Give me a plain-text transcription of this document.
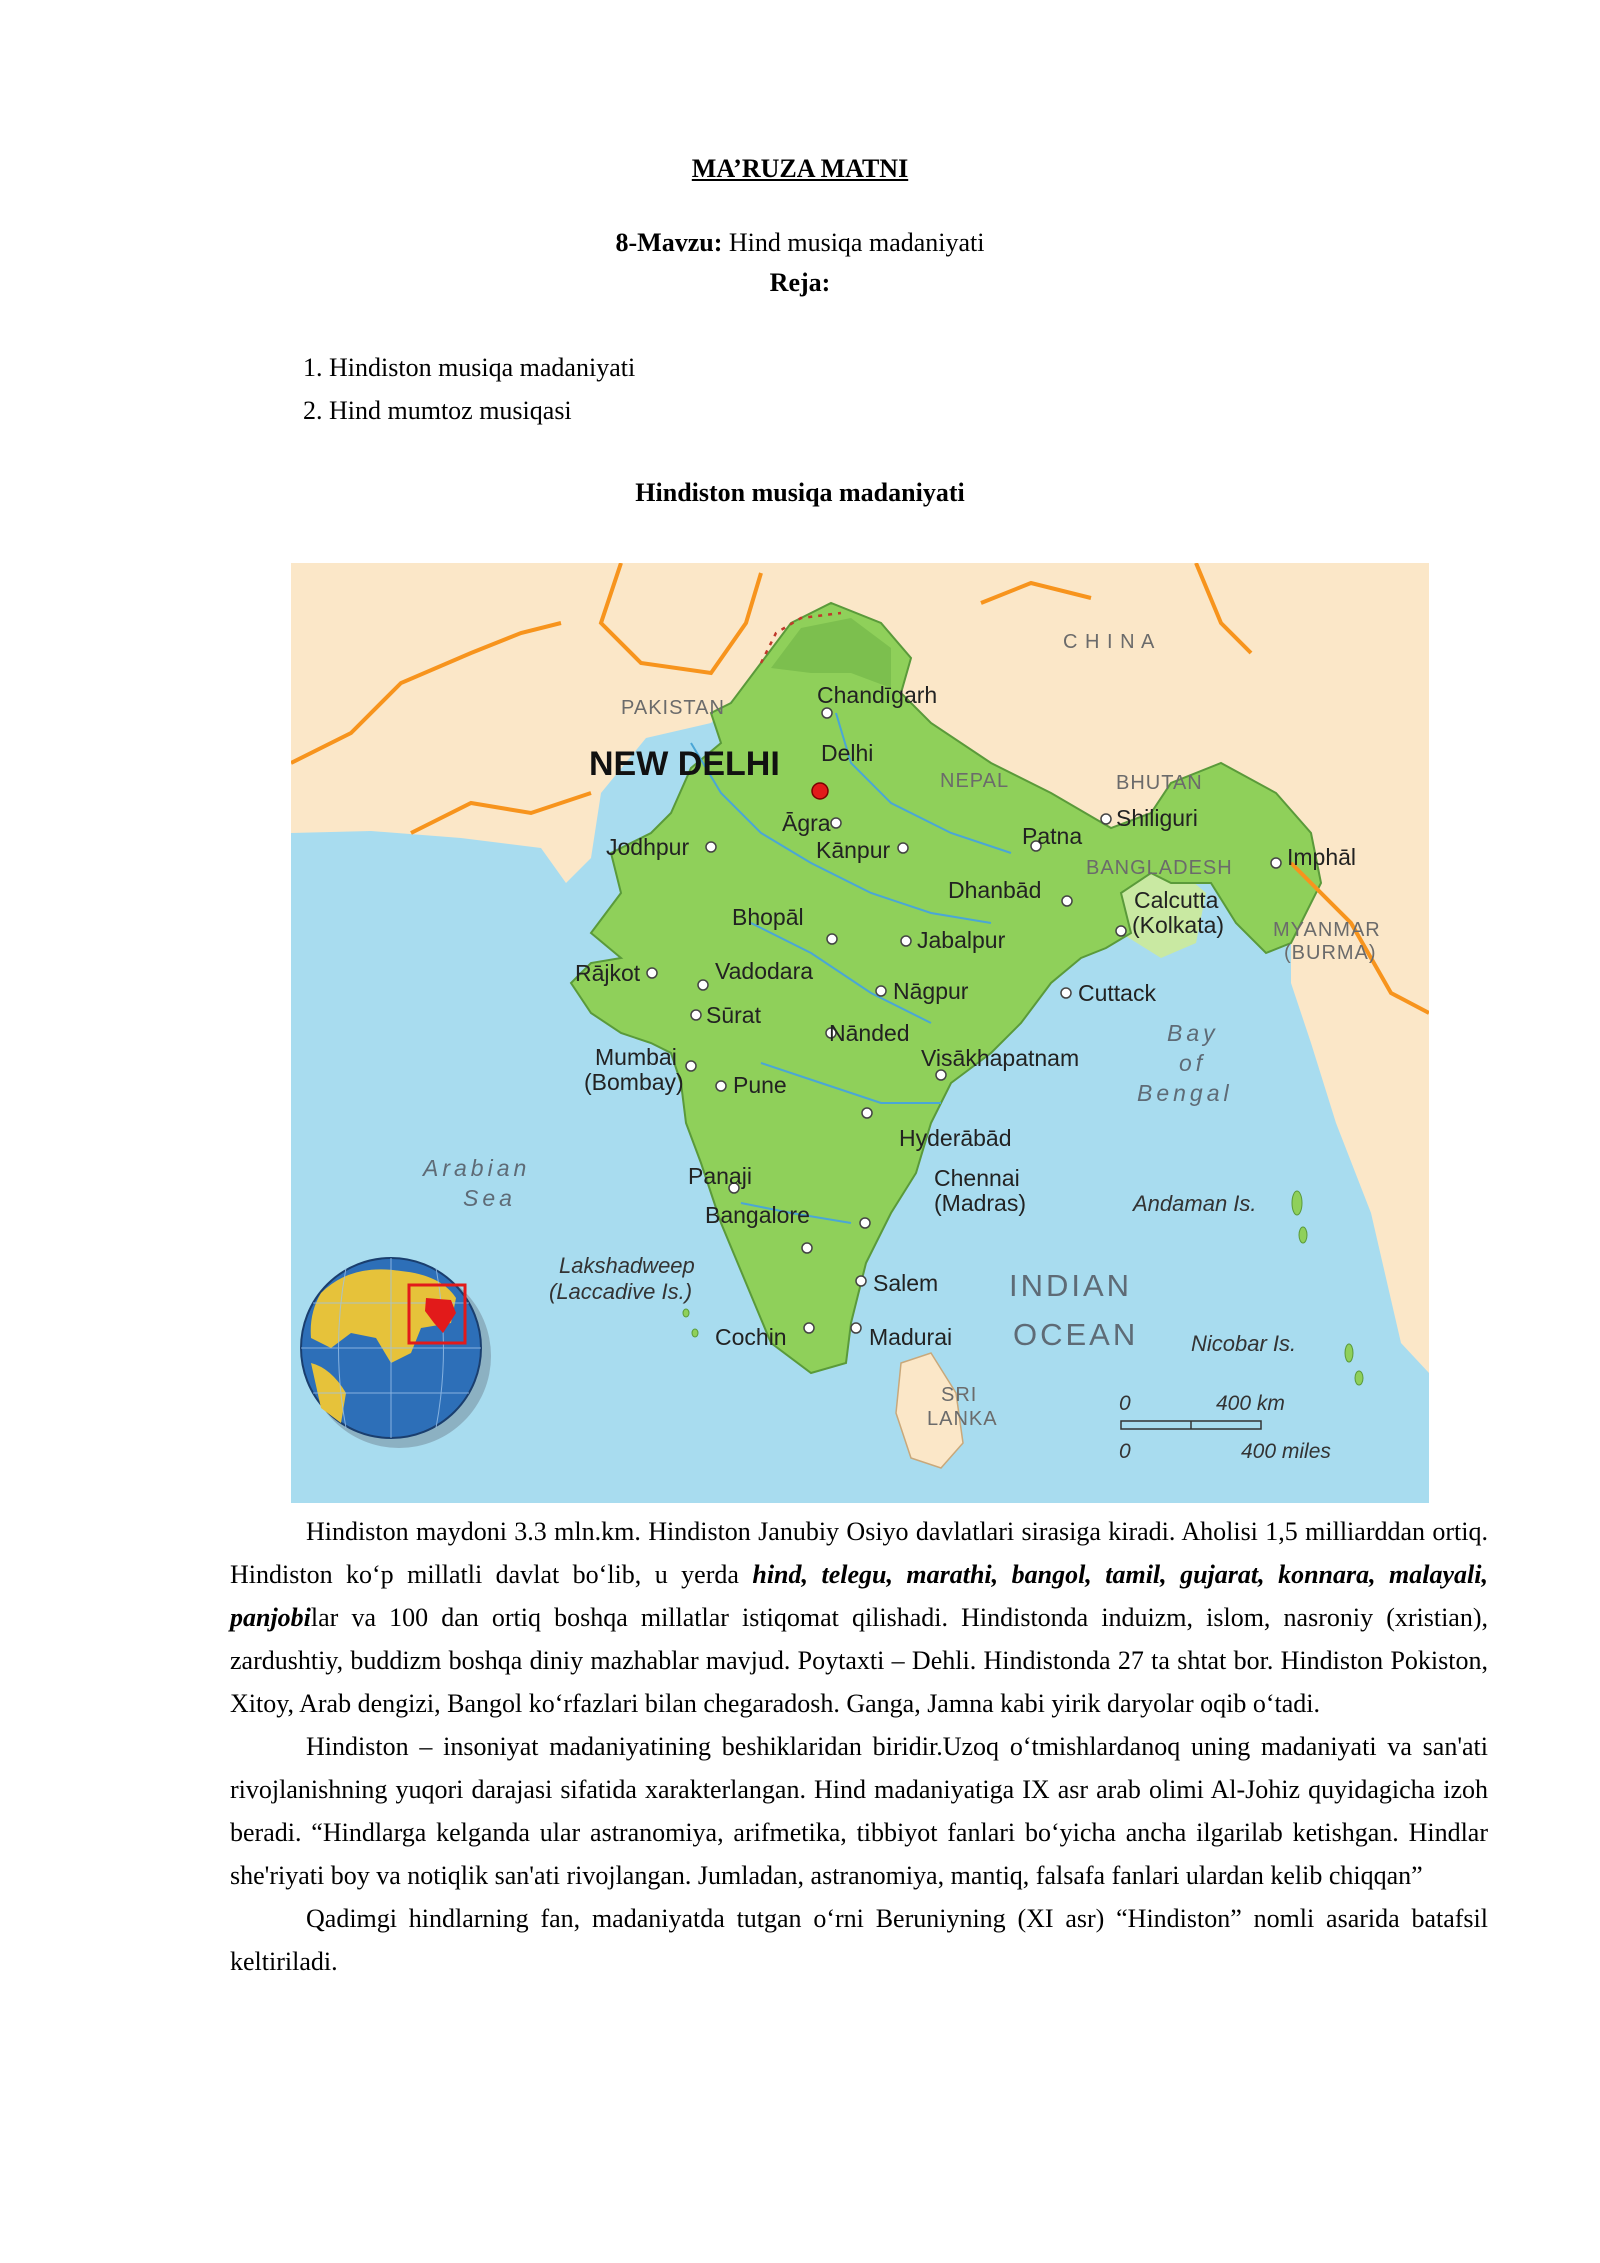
MA’RUZA MATNI
8-Mavzu: Hind musiqa madaniyati
Reja:
1. Hindiston musiqa madaniyati
2. Hind mumtoz musiqasi
Hindiston musiqa madaniyati
NEW DELHI
Chandīgarh
Delhi
Āgra
Kānpur
Jodhpur	Patna
Shiliguri
Imphāl
Dhanbād	Calcutta
(Kolkata)
Bhopāl
Jabalpur
Rājkot	Vadodara
Nāgpur	Cuttack
Sūrat
Nānded
Mumbai
(Bombay) Pune
Visākhapatnam
Hyderābād
Panaji
Bangalore
Chennai
(Madras)
Salem
Cochin	Madurai
C H I N A
PAKISTAN
NEPAL	BHUTAN
BANGLADESH
MYANMAR
(BURMA)
SRI
LANKA
Arabian
Sea
Bay
of
Bengal
INDIAN
OCEAN
Andaman Is.
Nicobar Is.
Lakshadweep
(Laccadive Is.)
0	400 km
0	400 miles

Hindiston maydoni 3.3 mln.km. Hindiston Janubiy Osiyo davlatlari sirasiga kiradi. Aholisi 1,5 milliarddan ortiq. Hindiston ko‘p millatli davlat bo‘lib, u yerda hind, telegu, marathi, bangol, tamil, gujarat, konnara, malayali, panjobilar va 100 dan ortiq boshqa millatlar istiqomat qilishadi. Hindistonda induizm, islom, nasroniy (xristian), zardushtiy, buddizm boshqa diniy mazhablar mavjud. Poytaxti – Dehli. Hindistonda 27 ta shtat bor. Hindiston Pokiston, Xitoy, Arab dengizi, Bangol ko‘rfazlari bilan chegaradosh. Ganga, Jamna kabi yirik daryolar oqib o‘tadi.

Hindiston – insoniyat madaniyatining beshiklaridan biridir.Uzoq o‘tmishlardanoq uning madaniyati va san'ati rivojlanishning yuqori darajasi sifatida xarakterlangan. Hind madaniyatiga IX asr arab olimi Al-Johiz quyidagicha izoh beradi. “Hindlarga kelganda ular astranomiya, arifmetika, tibbiyot fanlari bo‘yicha ancha ilgarilab ketishgan. Hindlar she'riyati boy va notiqlik san'ati rivojlangan. Jumladan, astranomiya, mantiq, falsafa fanlari ulardan kelib chiqqan”

Qadimgi hindlarning fan, madaniyatda tutgan o‘rni Beruniyning (XI asr) “Hindiston” nomli asarida batafsil keltiriladi.
